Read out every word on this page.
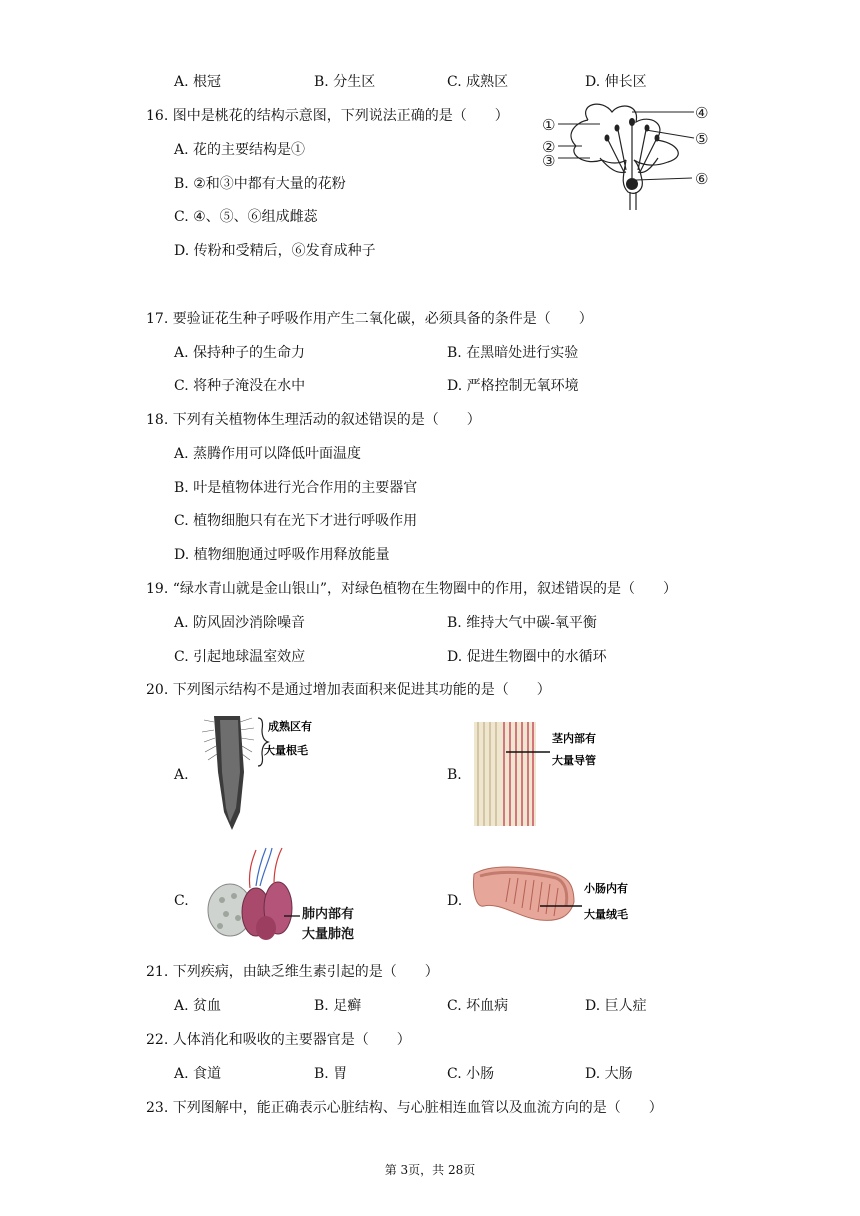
A. 根冠	B. 分生区	C. 成熟区	D. 伸长区
16. 图中是桃花的结构示意图，下列说法正确的是（　　）
A. 花的主要结构是①
B. ②和③中都有大量的花粉
C. ④、⑤、⑥组成雌蕊
D. 传粉和受精后，⑥发育成种子
①
②
③
④
⑤
⑥
17. 要验证花生种子呼吸作用产生二氧化碳，必须具备的条件是（　　）
A. 保持种子的生命力	B. 在黑暗处进行实验
C. 将种子淹没在水中	D. 严格控制无氧环境
18. 下列有关植物体生理活动的叙述错误的是（　　）
A. 蒸腾作用可以降低叶面温度
B. 叶是植物体进行光合作用的主要器官
C. 植物细胞只有在光下才进行呼吸作用
D. 植物细胞通过呼吸作用释放能量
19. “绿水青山就是金山银山”，对绿色植物在生物圈中的作用，叙述错误的是（　　）
A. 防风固沙消除噪音	B. 维持大气中碳-氧平衡
C. 引起地球温室效应	D. 促进生物圈中的水循环
20. 下列图示结构不是通过增加表面积来促进其功能的是（　　）
A.
成熟区有
大量根毛
B.
茎内部有
大量导管
C.
肺内部有
大量肺泡
D.
小肠内有
大量绒毛
21. 下列疾病，由缺乏维生素引起的是（　　）
A. 贫血	B. 足癣	C. 坏血病	D. 巨人症
22. 人体消化和吸收的主要器官是（　　）
A. 食道	B. 胃	C. 小肠	D. 大肠
23. 下列图解中，能正确表示心脏结构、与心脏相连血管以及血流方向的是（　　）
第 3页，共 28页
